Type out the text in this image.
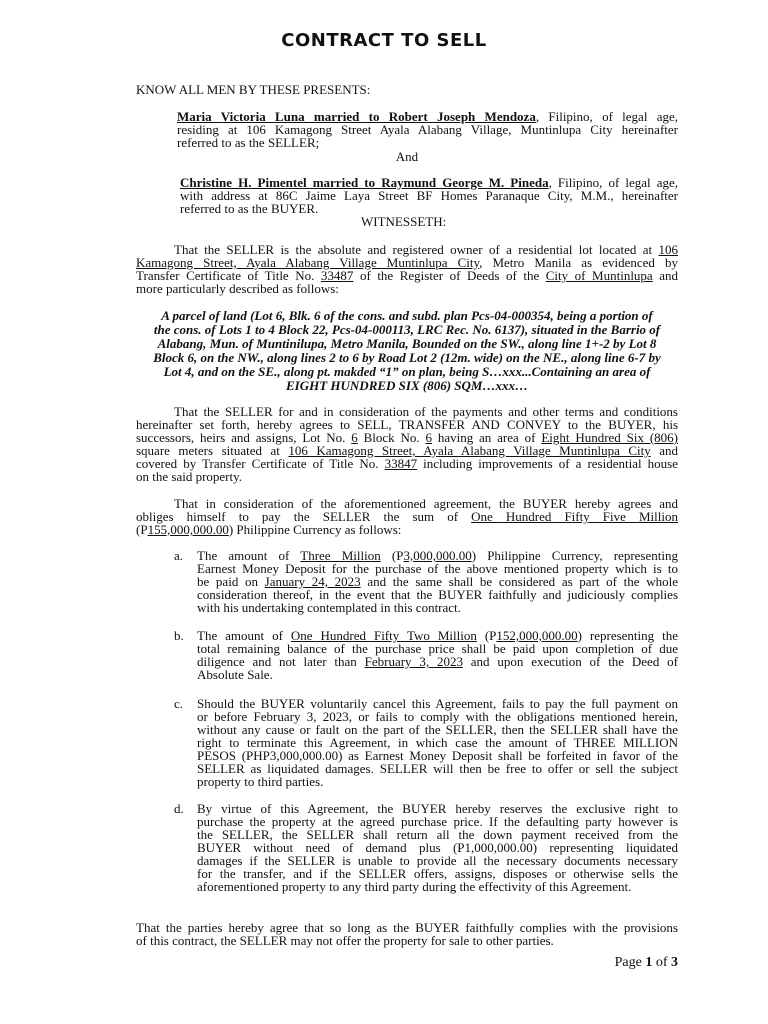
CONTRACT TO SELL
KNOW ALL MEN BY THESE PRESENTS:
Maria Victoria Luna married to Robert Joseph Mendoza, Filipino, of legal age,
residing at 106 Kamagong Street Ayala Alabang Village, Muntinlupa City hereinafter
referred to as the SELLER;
And
Christine H. Pimentel married to Raymund George M. Pineda, Filipino, of legal age,
with address at 86C Jaime Laya Street BF Homes Paranaque City, M.M., hereinafter
referred to as the BUYER.
WITNESSETH:
That the SELLER is the absolute and registered owner of a residential lot located at 106
Kamagong Street, Ayala Alabang Village Muntinlupa City, Metro Manila as evidenced by
Transfer Certificate of Title No. 33487 of the Register of Deeds of the City of Muntinlupa and
more particularly described as follows:
A parcel of land (Lot 6, Blk. 6 of the cons. and subd. plan Pcs-04-000354, being a portion of
the cons. of Lots 1 to 4 Block 22, Pcs-04-000113, LRC Rec. No. 6137), situated in the Barrio of
Alabang, Mun. of Muntinilupa, Metro Manila, Bounded on the SW., along line 1+-2 by Lot 8
Block 6, on the NW., along lines 2 to 6 by Road Lot 2 (12m. wide) on the NE., along line 6-7 by
Lot 4, and on the SE., along pt. makded “1” on plan, being S…xxx...Containing an area of
EIGHT HUNDRED SIX (806) SQM…xxx…
That the SELLER for and in consideration of the payments and other terms and conditions
hereinafter set forth, hereby agrees to SELL, TRANSFER AND CONVEY to the BUYER, his
successors, heirs and assigns, Lot No. 6 Block No. 6 having an area of Eight Hundred Six (806)
square meters situated at 106 Kamagong Street, Ayala Alabang Village Muntinlupa City and
covered by Transfer Certificate of Title No. 33847 including improvements of a residential house
on the said property.
That in consideration of the aforementioned agreement, the BUYER hereby agrees and
obliges himself to pay the SELLER the sum of One Hundred Fifty Five Million
(P155,000,000.00) Philippine Currency as follows:
a. The amount of Three Million (P3,000,000.00) Philippine Currency, representing
Earnest Money Deposit for the purchase of the above mentioned property which is to
be paid on January 24, 2023 and the same shall be considered as part of the whole
consideration thereof, in the event that the BUYER faithfully and judiciously complies
with his undertaking contemplated in this contract.
b. The amount of One Hundred Fifty Two Million (P152,000,000.00) representing the
total remaining balance of the purchase price shall be paid upon completion of due
diligence and not later than February 3, 2023 and upon execution of the Deed of
Absolute Sale.
c. Should the BUYER voluntarily cancel this Agreement, fails to pay the full payment on
or before February 3, 2023, or fails to comply with the obligations mentioned herein,
without any cause or fault on the part of the SELLER, then the SELLER shall have the
right to terminate this Agreement, in which case the amount of THREE MILLION
PESOS (PHP3,000,000.00) as Earnest Money Deposit shall be forfeited in favor of the
SELLER as liquidated damages. SELLER will then be free to offer or sell the subject
property to third parties.
d. By virtue of this Agreement, the BUYER hereby reserves the exclusive right to
purchase the property at the agreed purchase price. If the defaulting party however is
the SELLER, the SELLER shall return all the down payment received from the
BUYER without need of demand plus (P1,000,000.00) representing liquidated
damages if the SELLER is unable to provide all the necessary documents necessary
for the transfer, and if the SELLER offers, assigns, disposes or otherwise sells the
aforementioned property to any third party during the effectivity of this Agreement.
That the parties hereby agree that so long as the BUYER faithfully complies with the provisions
of this contract, the SELLER may not offer the property for sale to other parties.
Page 1 of 3
